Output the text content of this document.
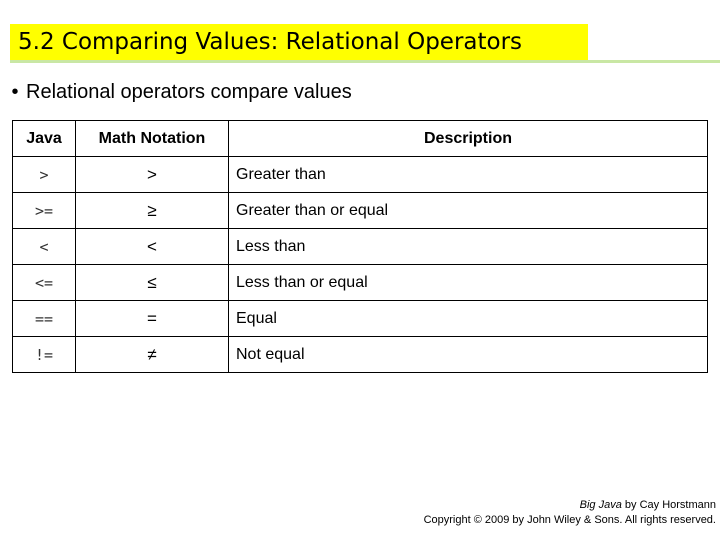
5.2 Comparing Values: Relational Operators
• Relational operators compare values
Java	Math Notation	Description
>	>	Greater than
>=	≥	Greater than or equal
<	<	Less than
<=	≤	Less than or equal
==	=	Equal
!=	≠	Not equal
Big Java by Cay Horstmann
Copyright © 2009 by John Wiley & Sons. All rights reserved.
